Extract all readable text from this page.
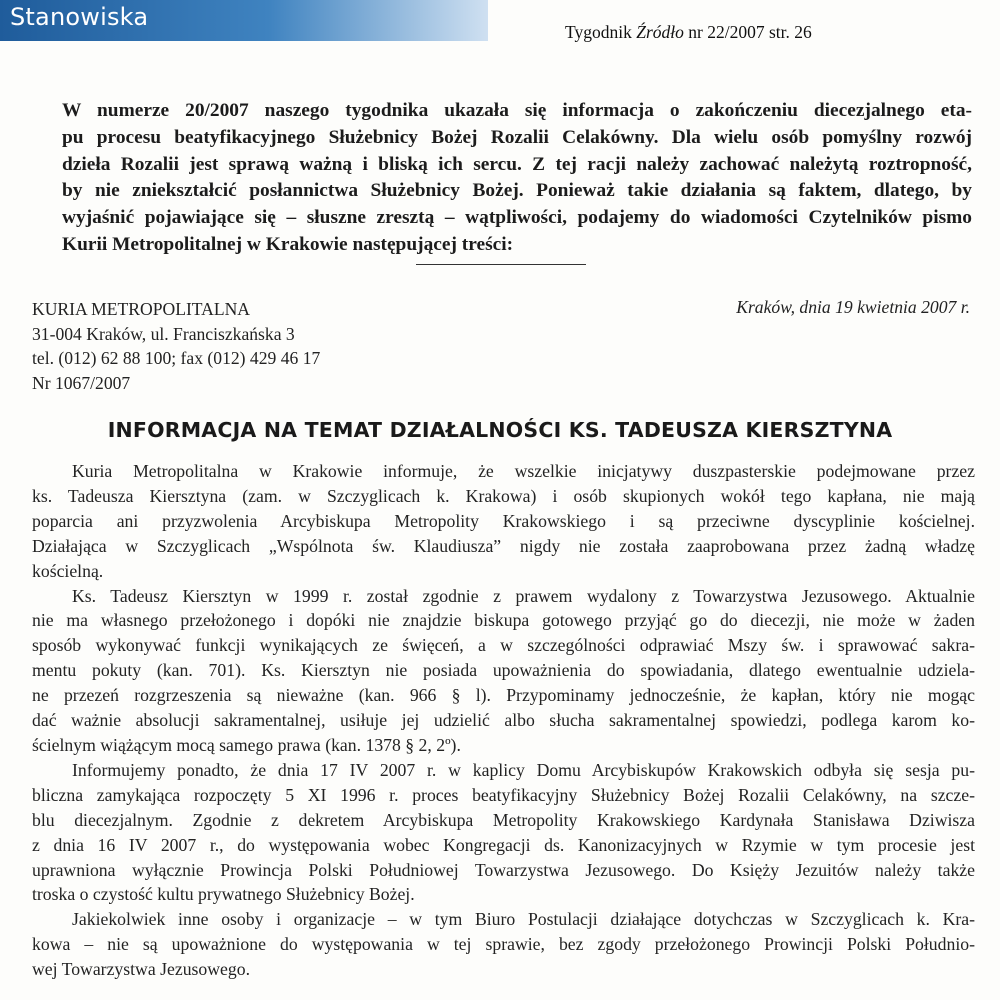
Stanowiska
Tygodnik Źródło nr 22/2007 str. 26
W numerze 20/2007 naszego tygodnika ukazała się informacja o zakończeniu diecezjalnego eta-
pu procesu beatyfikacyjnego Służebnicy Bożej Rozalii Celakówny. Dla wielu osób pomyślny rozwój
dzieła Rozalii jest sprawą ważną i bliską ich sercu. Z tej racji należy zachować należytą roztropność,
by nie zniekształcić posłannictwa Służebnicy Bożej. Ponieważ takie działania są faktem, dlatego, by
wyjaśnić pojawiające się – słuszne zresztą – wątpliwości, podajemy do wiadomości Czytelników pismo
Kurii Metropolitalnej w Krakowie następującej treści:
KURIA METROPOLITALNA
31-004 Kraków, ul. Franciszkańska 3
tel. (012) 62 88 100; fax (012) 429 46 17
Nr 1067/2007
Kraków, dnia 19 kwietnia 2007 r.
INFORMACJA NA TEMAT DZIAŁALNOŚCI KS. TADEUSZA KIERSZTYNA
Kuria Metropolitalna w Krakowie informuje, że wszelkie inicjatywy duszpasterskie podejmowane przez
ks. Tadeusza Kiersztyna (zam. w Szczyglicach k. Krakowa) i osób skupionych wokół tego kapłana, nie mają
poparcia ani przyzwolenia Arcybiskupa Metropolity Krakowskiego i są przeciwne dyscyplinie kościelnej.
Działająca w Szczyglicach „Wspólnota św. Klaudiusza” nigdy nie została zaaprobowana przez żadną władzę
kościelną.
Ks. Tadeusz Kiersztyn w 1999 r. został zgodnie z prawem wydalony z Towarzystwa Jezusowego. Aktualnie
nie ma własnego przełożonego i dopóki nie znajdzie biskupa gotowego przyjąć go do diecezji, nie może w żaden
sposób wykonywać funkcji wynikających ze święceń, a w szczególności odprawiać Mszy św. i sprawować sakra-
mentu pokuty (kan. 701). Ks. Kiersztyn nie posiada upoważnienia do spowiadania, dlatego ewentualnie udziela-
ne przezeń rozgrzeszenia są nieważne (kan. 966 § l). Przypominamy jednocześnie, że kapłan, który nie mogąc
dać ważnie absolucji sakramentalnej, usiłuje jej udzielić albo słucha sakramentalnej spowiedzi, podlega karom ko-
ścielnym wiążącym mocą samego prawa (kan. 1378 § 2, 2º).
Informujemy ponadto, że dnia 17 IV 2007 r. w kaplicy Domu Arcybiskupów Krakowskich odbyła się sesja pu-
bliczna zamykająca rozpoczęty 5 XI 1996 r. proces beatyfikacyjny Służebnicy Bożej Rozalii Celakówny, na szcze-
blu diecezjalnym. Zgodnie z dekretem Arcybiskupa Metropolity Krakowskiego Kardynała Stanisława Dziwisza
z dnia 16 IV 2007 r., do występowania wobec Kongregacji ds. Kanonizacyjnych w Rzymie w tym procesie jest
uprawniona wyłącznie Prowincja Polski Południowej Towarzystwa Jezusowego. Do Księży Jezuitów należy także
troska o czystość kultu prywatnego Służebnicy Bożej.
Jakiekolwiek inne osoby i organizacje – w tym Biuro Postulacji działające dotychczas w Szczyglicach k. Kra-
kowa – nie są upoważnione do występowania w tej sprawie, bez zgody przełożonego Prowincji Polski Południo-
wej Towarzystwa Jezusowego.
